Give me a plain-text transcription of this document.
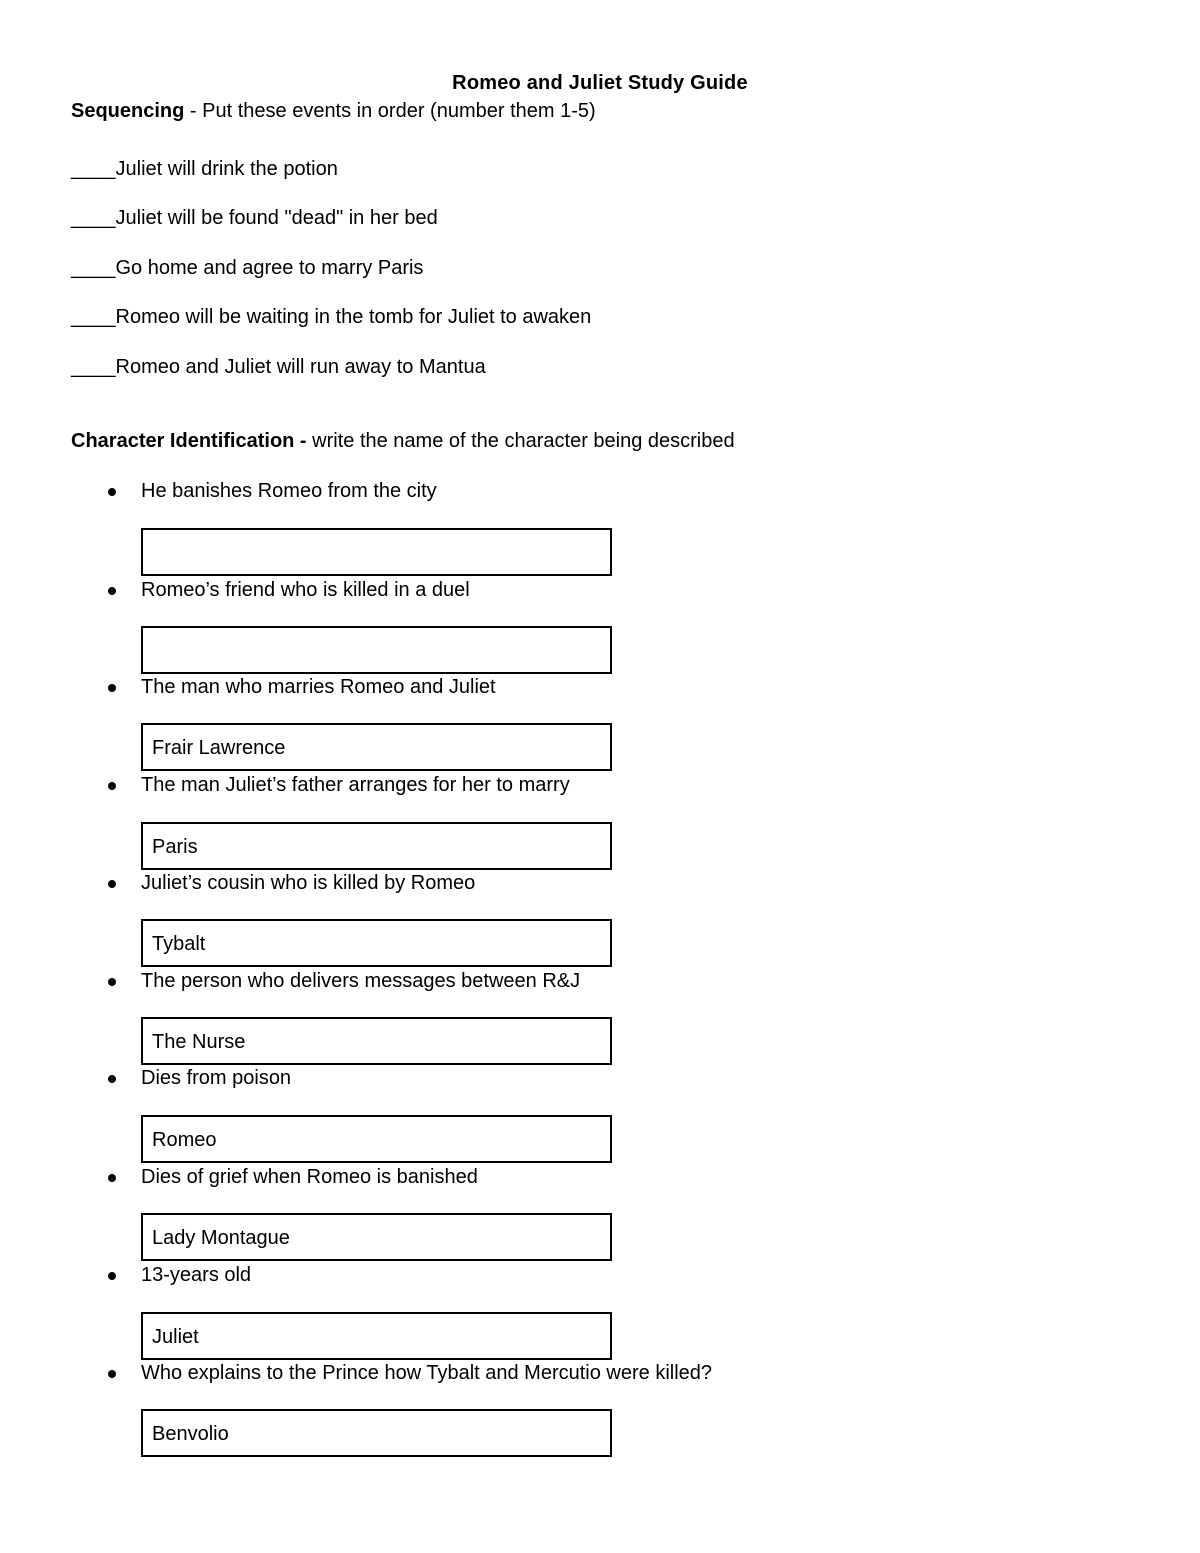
Romeo and Juliet Study Guide
Sequencing - Put these events in order (number them 1-5)
____Juliet will drink the potion
____Juliet will be found "dead" in her bed
____Go home and agree to marry Paris
____Romeo will be waiting in the tomb for Juliet to awaken
____Romeo and Juliet will run away to Mantua
Character Identification - write the name of the character being described
He banishes Romeo from the city
Romeo’s friend who is killed in a duel
The man who marries Romeo and Juliet
Frair Lawrence
The man Juliet’s father arranges for her to marry
Paris
Juliet’s cousin who is killed by Romeo
Tybalt
The person who delivers messages between R&J
The Nurse
Dies from poison
Romeo
Dies of grief when Romeo is banished
Lady Montague
13-years old
Juliet
Who explains to the Prince how Tybalt and Mercutio were killed?
Benvolio
